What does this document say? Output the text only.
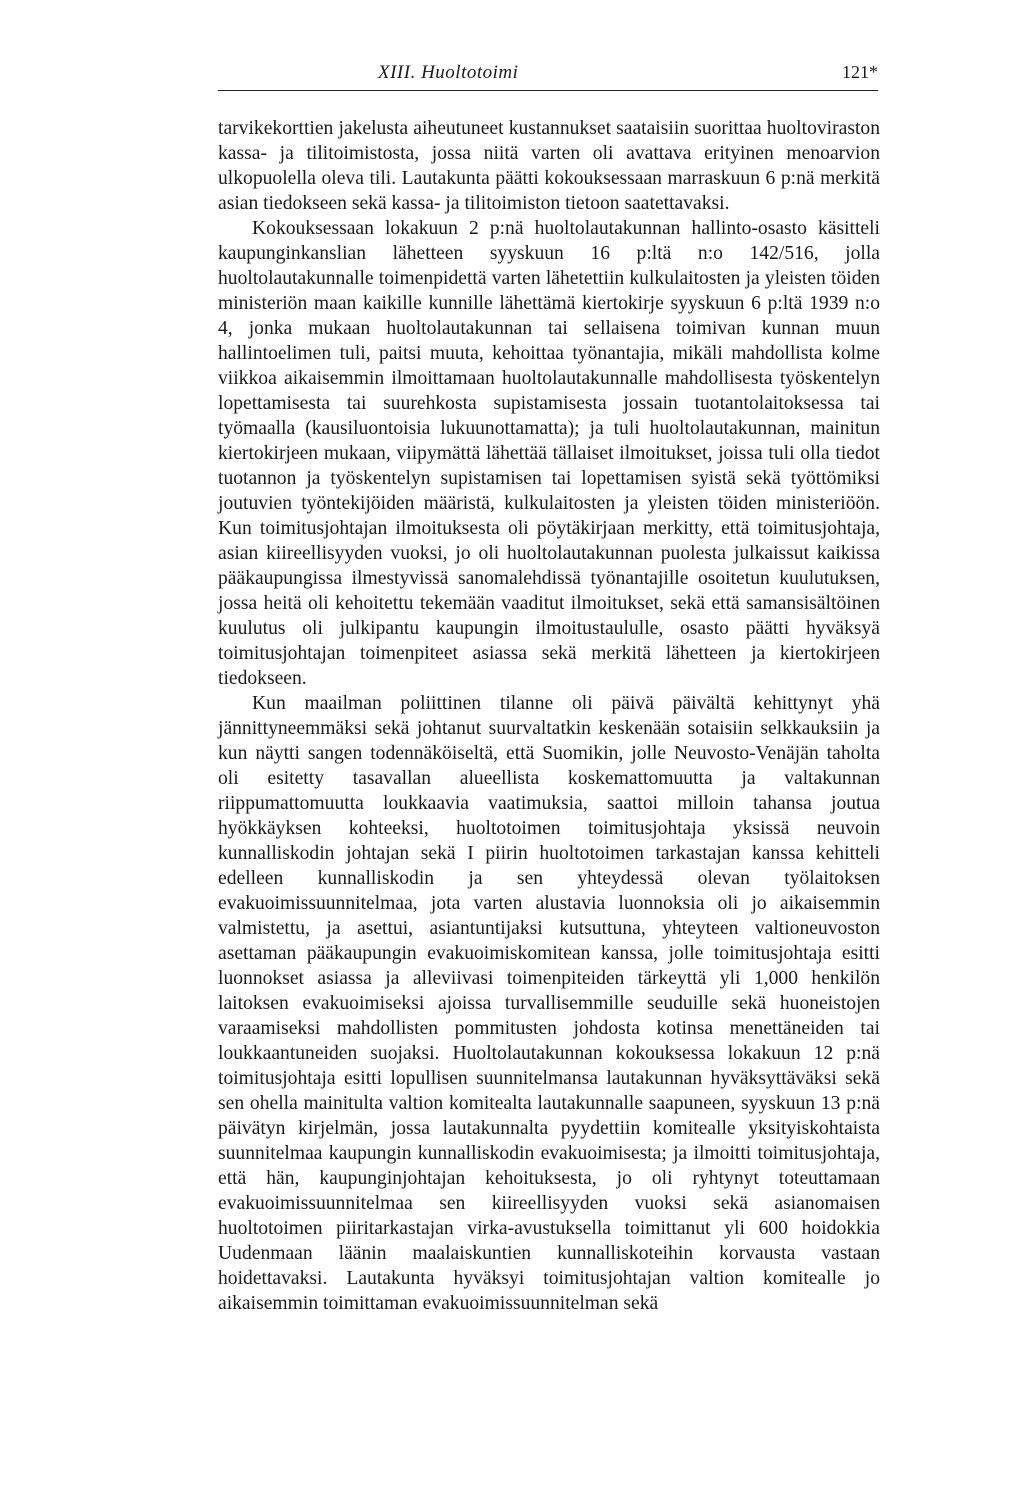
XIII. Huoltotoimi	121*

tarvikekorttien jakelusta aiheutuneet kustannukset saataisiin suorittaa huoltoviraston kassa- ja tilitoimistosta, jossa niitä varten oli avattava erityinen menoarvion ulkopuolella oleva tili. Lautakunta päätti kokouksessaan marraskuun 6 p:nä merkitä asian tiedokseen sekä kassa- ja tilitoimiston tietoon saatettavaksi.

Kokouksessaan lokakuun 2 p:nä huoltolautakunnan hallinto-osasto käsitteli kaupunginkanslian lähetteen syyskuun 16 p:ltä n:o 142/516, jolla huoltolautakunnalle toimenpidettä varten lähetettiin kulkulaitosten ja yleisten töiden ministeriön maan kaikille kunnille lähettämä kiertokirje syyskuun 6 p:ltä 1939 n:o 4, jonka mukaan huoltolautakunnan tai sellaisena toimivan kunnan muun hallintoelimen tuli, paitsi muuta, kehoittaa työnantajia, mikäli mahdollista kolme viikkoa aikaisemmin ilmoittamaan huoltolautakunnalle mahdollisesta työskentelyn lopettamisesta tai suurehkosta supistamisesta jossain tuotantolaitoksessa tai työmaalla (kausiluontoisia lukuunottamatta); ja tuli huoltolautakunnan, mainitun kiertokirjeen mukaan, viipymättä lähettää tällaiset ilmoitukset, joissa tuli olla tiedot tuotannon ja työskentelyn supistamisen tai lopettamisen syistä sekä työttömiksi joutuvien työntekijöiden määristä, kulkulaitosten ja yleisten töiden ministeriöön. Kun toimitusjohtajan ilmoituksesta oli pöytäkirjaan merkitty, että toimitusjohtaja, asian kiireellisyyden vuoksi, jo oli huoltolautakunnan puolesta julkaissut kaikissa pääkaupungissa ilmestyvissä sanomalehdissä työnantajille osoitetun kuulutuksen, jossa heitä oli kehoitettu tekemään vaaditut ilmoitukset, sekä että samansisältöinen kuulutus oli julkipantu kaupungin ilmoitustaululle, osasto päätti hyväksyä toimitusjohtajan toimenpiteet asiassa sekä merkitä lähetteen ja kiertokirjeen tiedokseen.

Kun maailman poliittinen tilanne oli päivä päivältä kehittynyt yhä jännittyneemmäksi sekä johtanut suurvaltatkin keskenään sotaisiin selkkauksiin ja kun näytti sangen todennäköiseltä, että Suomikin, jolle Neuvosto-Venäjän taholta oli esitetty tasavallan alueellista koskemattomuutta ja valtakunnan riippumattomuutta loukkaavia vaatimuksia, saattoi milloin tahansa joutua hyökkäyksen kohteeksi, huoltotoimen toimitusjohtaja yksissä neuvoin kunnalliskodin johtajan sekä I piirin huoltotoimen tarkastajan kanssa kehitteli edelleen kunnalliskodin ja sen yhteydessä olevan työlaitoksen evakuoimissuunnitelmaa, jota varten alustavia luonnoksia oli jo aikaisemmin valmistettu, ja asettui, asiantuntijaksi kutsuttuna, yhteyteen valtioneuvoston asettaman pääkaupungin evakuoimiskomitean kanssa, jolle toimitusjohtaja esitti luonnokset asiassa ja alleviivasi toimenpiteiden tärkeyttä yli 1,000 henkilön laitoksen evakuoimiseksi ajoissa turvallisemmille seuduille sekä huoneistojen varaamiseksi mahdollisten pommitusten johdosta kotinsa menettäneiden tai loukkaantuneiden suojaksi. Huoltolautakunnan kokouksessa lokakuun 12 p:nä toimitusjohtaja esitti lopullisen suunnitelmansa lautakunnan hyväksyttäväksi sekä sen ohella mainitulta valtion komitealta lautakunnalle saapuneen, syyskuun 13 p:nä päivätyn kirjelmän, jossa lautakunnalta pyydettiin komitealle yksityiskohtaista suunnitelmaa kaupungin kunnalliskodin evakuoimisesta; ja ilmoitti toimitusjohtaja, että hän, kaupunginjohtajan kehoituksesta, jo oli ryhtynyt toteuttamaan evakuoimissuunnitelmaa sen kiireellisyyden vuoksi sekä asianomaisen huoltotoimen piiritarkastajan virka-avustuksella toimittanut yli 600 hoidokkia Uudenmaan läänin maalaiskuntien kunnalliskoteihin korvausta vastaan hoidettavaksi. Lautakunta hyväksyi toimitusjohtajan valtion komitealle jo aikaisemmin toimittaman evakuoimissuunnitelman sekä
